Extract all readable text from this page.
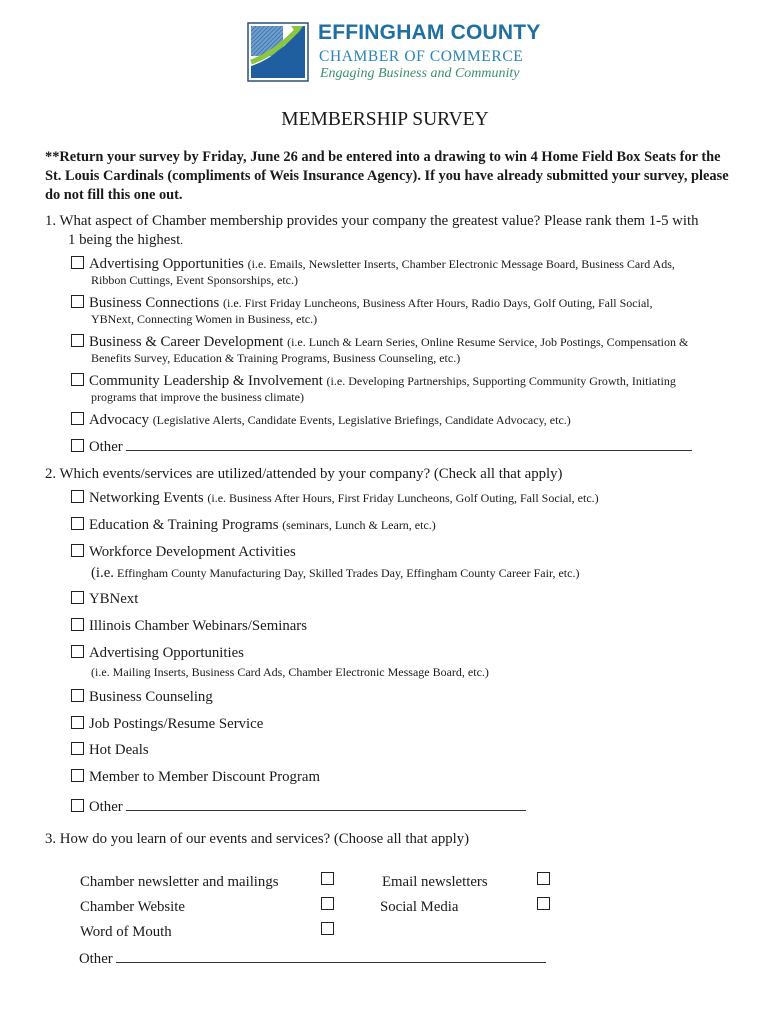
EFFINGHAM COUNTY
CHAMBER OF COMMERCE
Engaging Business and Community
MEMBERSHIP SURVEY
**Return your survey by Friday, June 26 and be entered into a drawing to win 4 Home Field Box Seats for the St. Louis Cardinals (compliments of Weis Insurance Agency). If you have already submitted your survey, please do not fill this one out.
1. What aspect of Chamber membership provides your company the greatest value? Please rank them 1-5 with
1 being the highest.
Advertising Opportunities (i.e. Emails, Newsletter Inserts, Chamber Electronic Message Board, Business Card Ads,
Ribbon Cuttings, Event Sponsorships, etc.)
Business Connections (i.e. First Friday Luncheons, Business After Hours, Radio Days, Golf Outing, Fall Social,
YBNext, Connecting Women in Business, etc.)
Business & Career Development (i.e. Lunch & Learn Series, Online Resume Service, Job Postings, Compensation &
Benefits Survey, Education & Training Programs, Business Counseling, etc.)
Community Leadership & Involvement (i.e. Developing Partnerships, Supporting Community Growth, Initiating
programs that improve the business climate)
Advocacy (Legislative Alerts, Candidate Events, Legislative Briefings, Candidate Advocacy, etc.)
Other
2. Which events/services are utilized/attended by your company? (Check all that apply)
Networking Events (i.e. Business After Hours, First Friday Luncheons, Golf Outing, Fall Social, etc.)
Education & Training Programs (seminars, Lunch & Learn, etc.)
Workforce Development Activities
(i.e. Effingham County Manufacturing Day, Skilled Trades Day, Effingham County Career Fair, etc.)
YBNext
Illinois Chamber Webinars/Seminars
Advertising Opportunities
(i.e. Mailing Inserts, Business Card Ads, Chamber Electronic Message Board, etc.)
Business Counseling
Job Postings/Resume Service
Hot Deals
Member to Member Discount Program
Other
3. How do you learn of our events and services? (Choose all that apply)
Chamber newsletter and mailings	Email newsletters
Chamber Website	Social Media
Word of Mouth
Other
